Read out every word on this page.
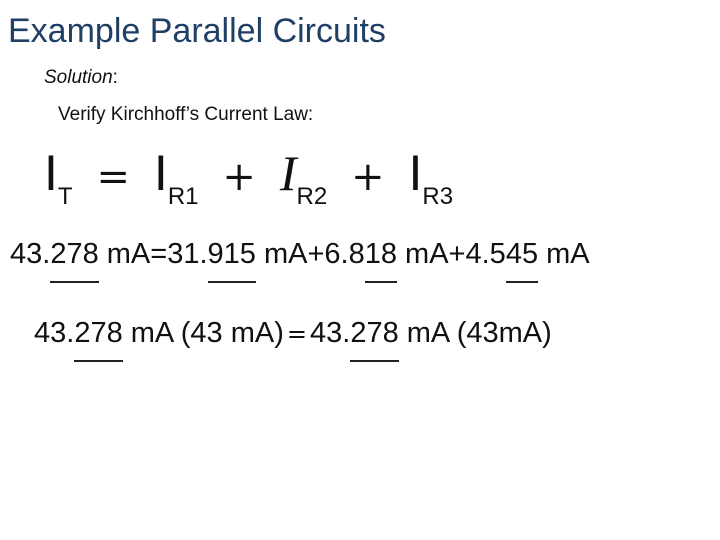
Example Parallel Circuits
Solution:
Verify Kirchhoff’s Current Law:
$I_T = I_{R1} + I_{R2} + I_{R3}$
43.278 mA=31.915 mA+6.818 mA+4.545 mA
43.278 mA (43 mA) = 43.278 mA (43mA)
